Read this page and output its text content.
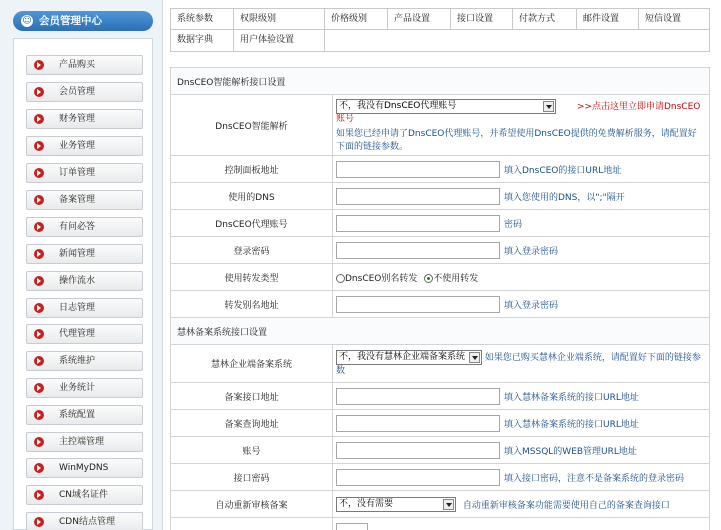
☺ 会员管理中心
产品购买
会员管理
财务管理
业务管理
订单管理
备案管理
有问必答
新闻管理
操作流水
日志管理
代理管理
系统维护
业务统计
系统配置
主控端管理
WinMyDNS
CN域名证件
CDN结点管理
系统参数	权限级别	价格级别	产品设置	接口设置	付款方式	邮件设置	短信设置
数据字典	用户体验设置
DnsCEO智能解析接口设置	
DnsCEO智能解析	不，我没有DnsCEO代理账号 >>点击这里立即申请DnsCEO账号
如果您已经申请了DnsCEO代理账号，并希望使用DnsCEO提供的免费解析服务，请配置好下面的链接参数。

控制面板地址	填入DnsCEO的接口URL地址
使用的DNS	填入您使用的DNS，以";"隔开
DnsCEO代理账号	密码
登录密码	填入登录密码
使用转发类型	DnsCEO别名转发 不使用转发
转发别名地址	填入登录密码
慧林备案系统接口设置	
慧林企业端备案系统	不，我没有慧林企业端备案系统 如果您已购买慧林企业端系统，请配置好下面的链接参数
备案接口地址	填入慧林备案系统的接口URL地址
备案查询地址	填入慧林备案系统的接口URL地址
账号	填入MSSQL的WEB管理URL地址
接口密码	填入接口密码，注意不是备案系统的登录密码
自动重新审核备案	不，没有需要 自动重新审核备案功能需要使用自己的备案查询接口
